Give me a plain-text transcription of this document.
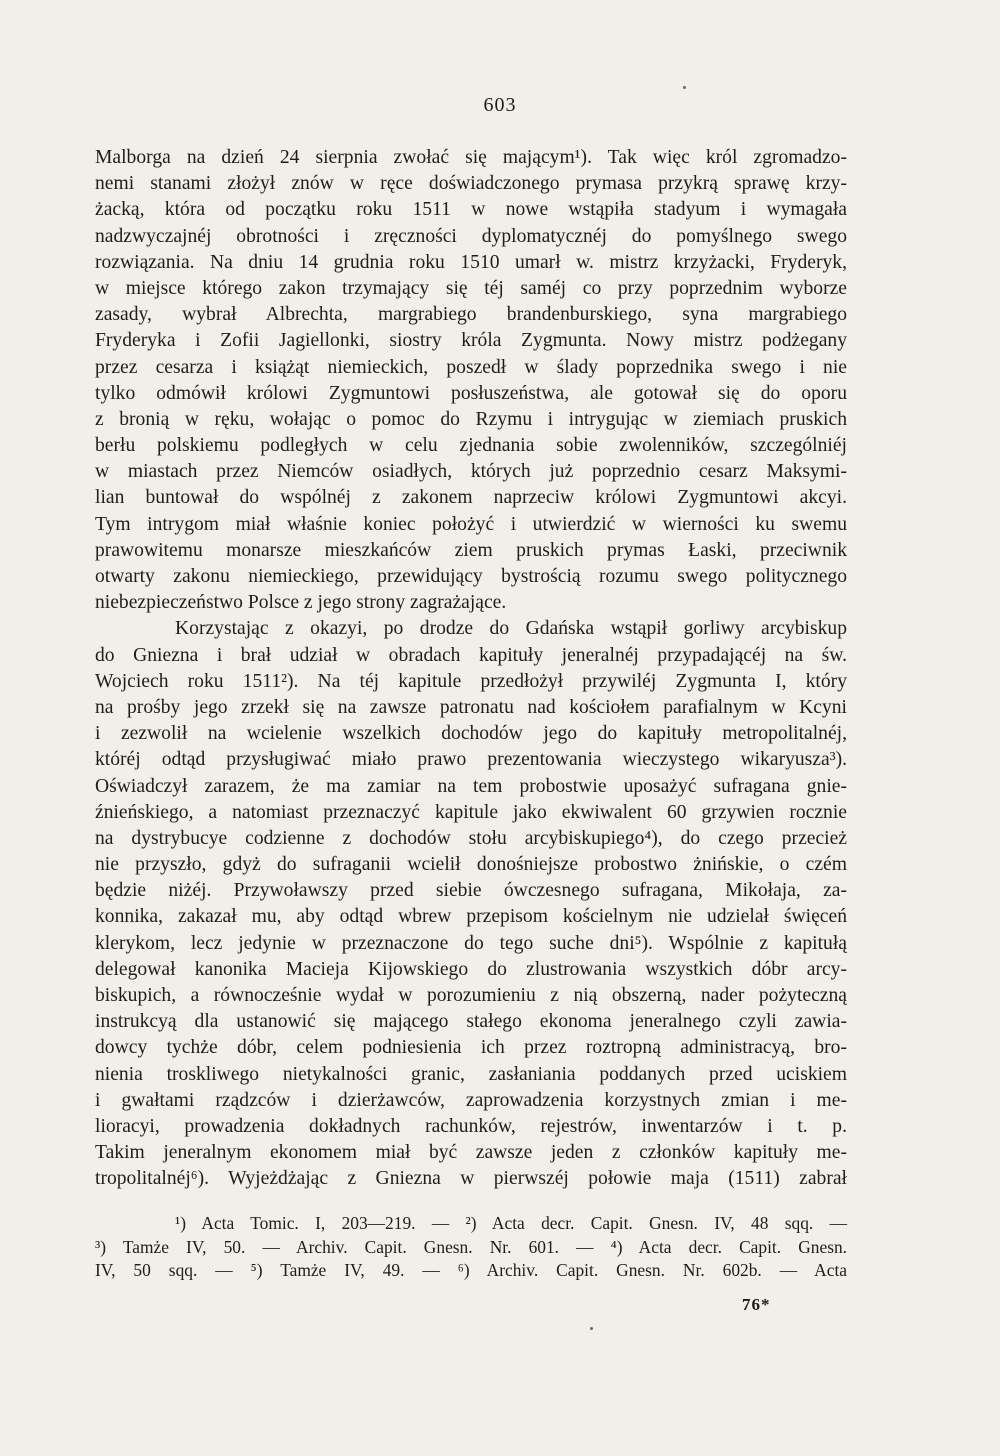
603
Malborga na dzień 24 sierpnia zwołać się mającym¹). Tak więc król zgromadzo-
nemi stanami złożył znów w ręce doświadczonego prymasa przykrą sprawę krzy-
żacką, która od początku roku 1511 w nowe wstąpiła stadyum i wymagała
nadzwyczajnéj obrotności i zręczności dyplomatycznéj do pomyślnego swego
rozwiązania. Na dniu 14 grudnia roku 1510 umarł w. mistrz krzyżacki, Fryderyk,
w miejsce którego zakon trzymający się téj saméj co przy poprzednim wyborze
zasady, wybrał Albrechta, margrabiego brandenburskiego, syna margrabiego
Fryderyka i Zofii Jagiellonki, siostry króla Zygmunta. Nowy mistrz podżegany
przez cesarza i książąt niemieckich, poszedł w ślady poprzednika swego i nie
tylko odmówił królowi Zygmuntowi posłuszeństwa, ale gotował się do oporu
z bronią w ręku, wołając o pomoc do Rzymu i intrygując w ziemiach pruskich
berłu polskiemu podległych w celu zjednania sobie zwolenników, szczególniéj
w miastach przez Niemców osiadłych, których już poprzednio cesarz Maksymi-
lian buntował do wspólnéj z zakonem naprzeciw królowi Zygmuntowi akcyi.
Tym intrygom miał właśnie koniec położyć i utwierdzić w wierności ku swemu
prawowitemu monarsze mieszkańców ziem pruskich prymas Łaski, przeciwnik
otwarty zakonu niemieckiego, przewidujący bystrością rozumu swego politycznego
niebezpieczeństwo Polsce z jego strony zagrażające.
Korzystając z okazyi, po drodze do Gdańska wstąpił gorliwy arcybiskup
do Gniezna i brał udział w obradach kapituły jeneralnéj przypadającéj na św.
Wojciech roku 1511²). Na téj kapitule przedłożył przywiléj Zygmunta I, który
na prośby jego zrzekł się na zawsze patronatu nad kościołem parafialnym w Kcyni
i zezwolił na wcielenie wszelkich dochodów jego do kapituły metropolitalnéj,
któréj odtąd przysługiwać miało prawo prezentowania wieczystego wikaryusza³).
Oświadczył zarazem, że ma zamiar na tem probostwie uposażyć sufragana gnie-
źnieńskiego, a natomiast przeznaczyć kapitule jako ekwiwalent 60 grzywien rocznie
na dystrybucye codzienne z dochodów stołu arcybiskupiego⁴), do czego przecież
nie przyszło, gdyż do sufraganii wcielił donośniejsze probostwo żnińskie, o czém
będzie niżéj. Przywoławszy przed siebie ówczesnego sufragana, Mikołaja, za-
konnika, zakazał mu, aby odtąd wbrew przepisom kościelnym nie udzielał święceń
klerykom, lecz jedynie w przeznaczone do tego suche dni⁵). Wspólnie z kapitułą
delegował kanonika Macieja Kijowskiego do zlustrowania wszystkich dóbr arcy-
biskupich, a równocześnie wydał w porozumieniu z nią obszerną, nader pożyteczną
instrukcyą dla ustanowić się mającego stałego ekonoma jeneralnego czyli zawia-
dowcy tychże dóbr, celem podniesienia ich przez roztropną administracyą, bro-
nienia troskliwego nietykalności granic, zasłaniania poddanych przed uciskiem
i gwałtami rządzców i dzierżawców, zaprowadzenia korzystnych zmian i me-
lioracyi, prowadzenia dokładnych rachunków, rejestrów, inwentarzów i t. p.
Takim jeneralnym ekonomem miał być zawsze jeden z członków kapituły me-
tropolitalnéj⁶). Wyjeżdżając z Gniezna w pierwszéj połowie maja (1511) zabrał
¹) Acta Tomic. I, 203—219. — ²) Acta decr. Capit. Gnesn. IV, 48 sqq. —
³) Tamże IV, 50. — Archiv. Capit. Gnesn. Nr. 601. — ⁴) Acta decr. Capit. Gnesn.
IV, 50 sqq. — ⁵) Tamże IV, 49. — ⁶) Archiv. Capit. Gnesn. Nr. 602b. — Acta
76*
